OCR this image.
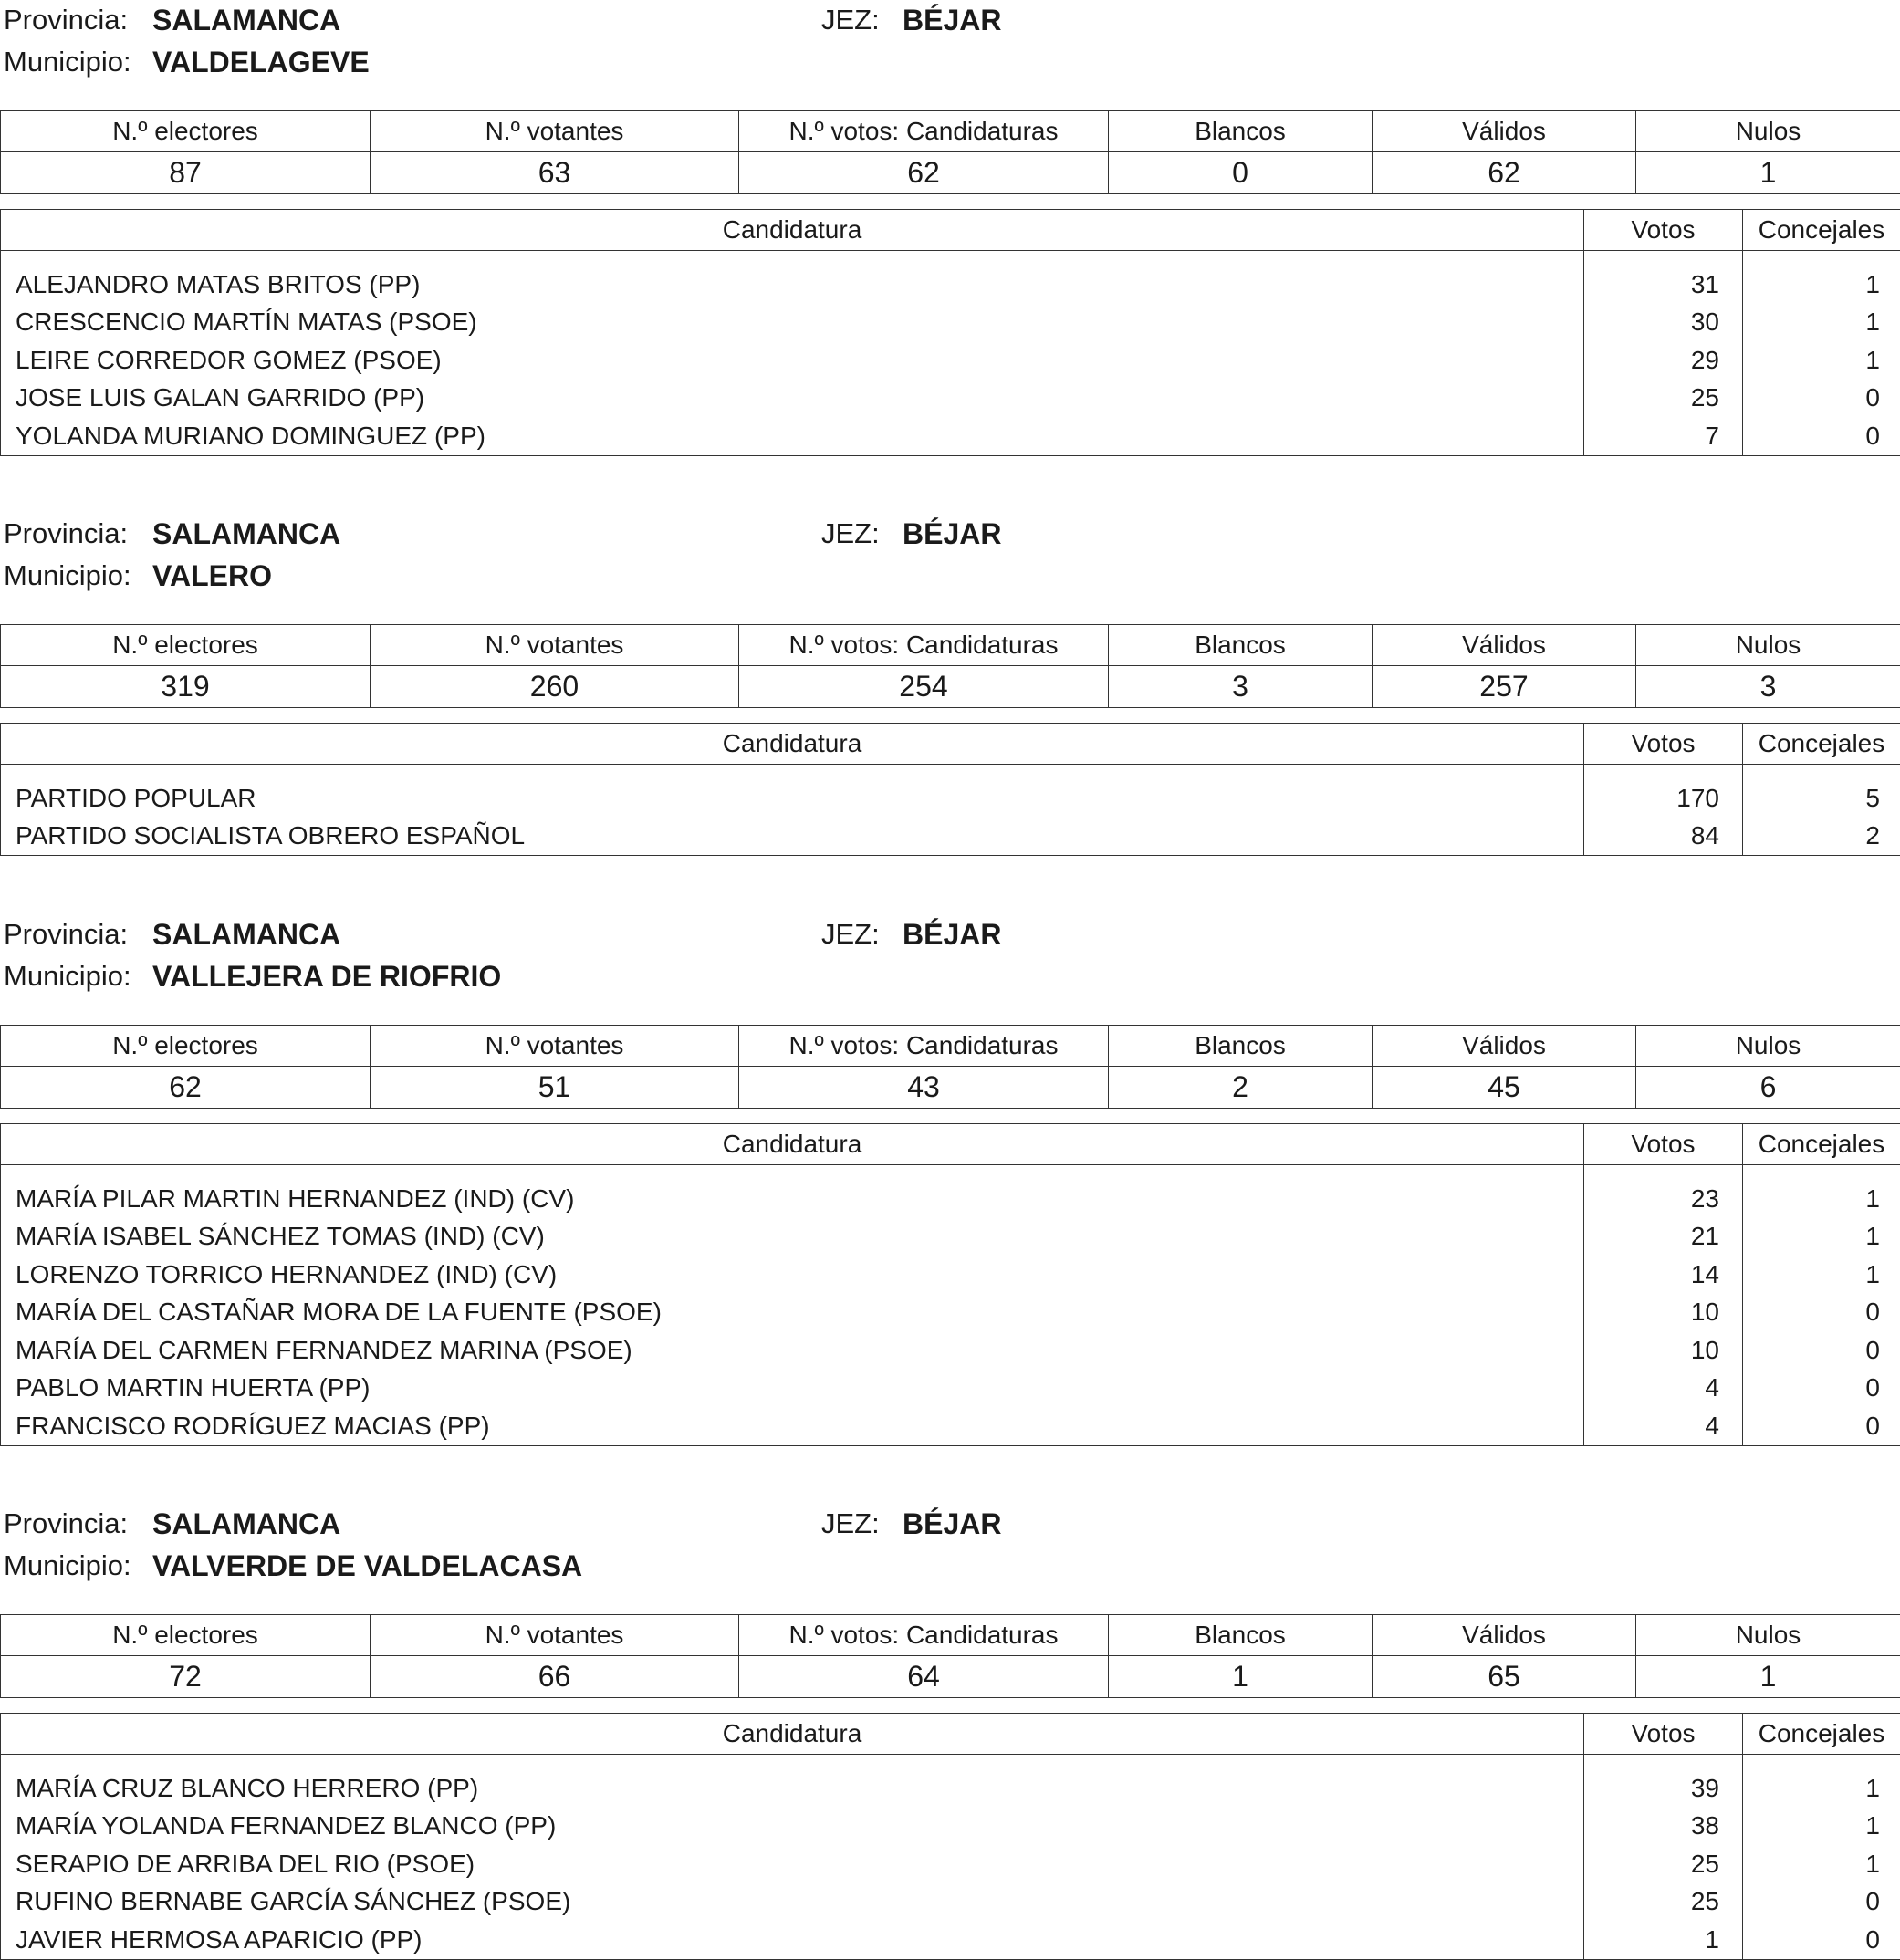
Provincia: SALAMANCA	JEZ: BÉJAR
Municipio: VALDELAGEVE
N.º electores	N.º votantes	N.º votos: Candidaturas	Blancos	Válidos	Nulos
87	63	62	0	62	1
Candidatura	Votos	Concejales

ALEJANDRO MATAS BRITOS (PP)	31	1
CRESCENCIO MARTÍN MATAS (PSOE)	30	1
LEIRE CORREDOR GOMEZ (PSOE)	29	1
JOSE LUIS GALAN GARRIDO (PP)	25	0
YOLANDA MURIANO DOMINGUEZ (PP)	7	0
Provincia: SALAMANCA	JEZ: BÉJAR
Municipio: VALERO
N.º electores	N.º votantes	N.º votos: Candidaturas	Blancos	Válidos	Nulos
319	260	254	3	257	3
Candidatura	Votos	Concejales

PARTIDO POPULAR	170	5
PARTIDO SOCIALISTA OBRERO ESPAÑOL	84	2
Provincia: SALAMANCA	JEZ: BÉJAR
Municipio: VALLEJERA DE RIOFRIO
N.º electores	N.º votantes	N.º votos: Candidaturas	Blancos	Válidos	Nulos
62	51	43	2	45	6
Candidatura	Votos	Concejales

MARÍA PILAR MARTIN HERNANDEZ (IND) (CV)	23	1
MARÍA ISABEL SÁNCHEZ TOMAS (IND) (CV)	21	1
LORENZO TORRICO HERNANDEZ (IND) (CV)	14	1
MARÍA DEL CASTAÑAR MORA DE LA FUENTE (PSOE)	10	0
MARÍA DEL CARMEN FERNANDEZ MARINA (PSOE)	10	0
PABLO MARTIN HUERTA (PP)	4	0
FRANCISCO RODRÍGUEZ MACIAS (PP)	4	0
Provincia: SALAMANCA	JEZ: BÉJAR
Municipio: VALVERDE DE VALDELACASA
N.º electores	N.º votantes	N.º votos: Candidaturas	Blancos	Válidos	Nulos
72	66	64	1	65	1
Candidatura	Votos	Concejales

MARÍA CRUZ BLANCO HERRERO (PP)	39	1
MARÍA YOLANDA FERNANDEZ BLANCO (PP)	38	1
SERAPIO DE ARRIBA DEL RIO (PSOE)	25	1
RUFINO BERNABE GARCÍA SÁNCHEZ (PSOE)	25	0
JAVIER HERMOSA APARICIO (PP)	1	0
